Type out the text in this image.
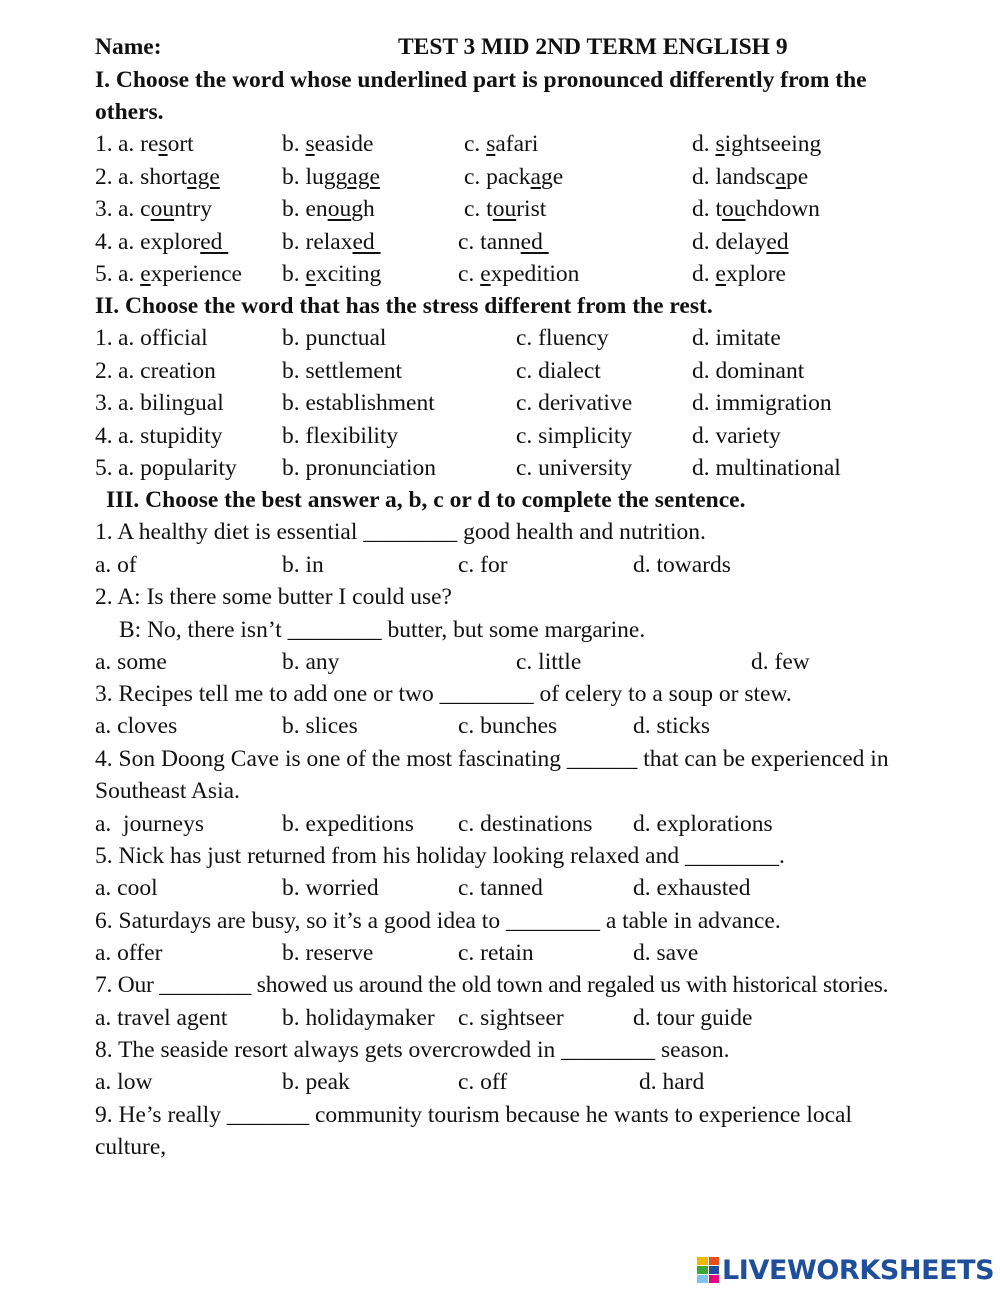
Name:	TEST 3 MID 2ND TERM ENGLISH 9
I. Choose the word whose underlined part is pronounced differently from the
others.
1. a. resort	b. seaside	c. safari	d. sightseeing
2. a. shortage	b. luggage	c. package	d. landscape
3. a. country	b. enough	c. tourist	d. touchdown
4. a. explored b. relaxed	c. tanned	d. delayed
5. a. experience b. exciting	c. expedition	d. explore
II. Choose the word that has the stress different from the rest.
1. a. official	b. punctual	c. fluency	d. imitate
2. a. creation	b. settlement	c. dialect	d. dominant
3. a. bilingual b. establishment	c. derivative	d. immigration
4. a. stupidity	b. flexibility	c. simplicity	d. variety
5. a. popularity b. pronunciation	c. university	d. multinational
III. Choose the best answer a, b, c or d to complete the sentence.
1. A healthy diet is essential ________ good health and nutrition.
a. of	b. in	c. for	d. towards
2. A: Is there some butter I could use?
B: No, there isn’t ________ butter, but some margarine.
a. some	b. any	c. little	d. few
3. Recipes tell me to add one or two ________ of celery to a soup or stew.
a. cloves	b. slices	c. bunches	d. sticks
4. Son Doong Cave is one of the most fascinating ______ that can be experienced in
Southeast Asia.
a.  journeys	b. expeditions c. destinations d. explorations
5. Nick has just returned from his holiday looking relaxed and ________.
a. cool	b. worried	c. tanned	d. exhausted
6. Saturdays are busy, so it’s a good idea to ________ a table in advance.
a. offer	b. reserve	c. retain	d. save
7. Our ________ showed us around the old town and regaled us with historical stories.
a. travel agent b. holidaymaker c. sightseer	d. tour guide
8. The seaside resort always gets overcrowded in ________ season.
a. low	b. peak	c. off	d. hard
9. He’s really _______ community tourism because he wants to experience local
culture,
LIVEWORKSHEETS
